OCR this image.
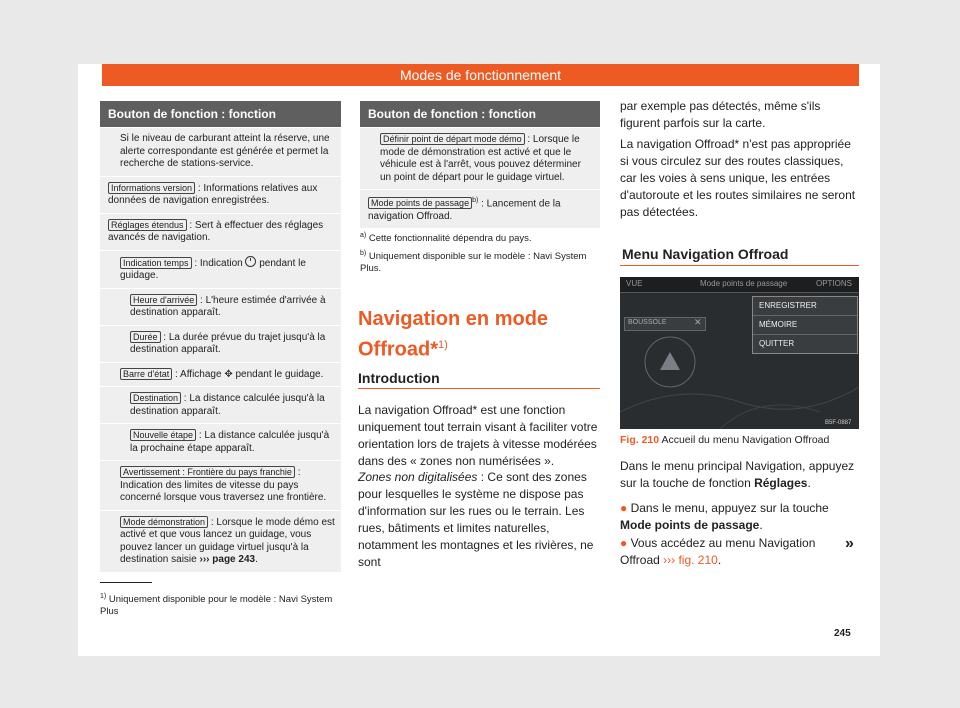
Modes de fonctionnement
Bouton de fonction : fonction
Si le niveau de carburant atteint la réserve, une alerte correspondante est générée et permet la recherche de stations-service.
Informations version : Informations relatives aux données de navigation enregistrées.
Réglages étendus : Sert à effectuer des réglages avancés de navigation.
Indication temps : Indication  pendant le guidage.
Heure d'arrivée : L'heure estimée d'arrivée à destination apparaît.
Durée : La durée prévue du trajet jusqu'à la destination apparaît.
Barre d'état : Affichage ✥ pendant le guidage.
Destination : La distance calculée jusqu'à la destination apparaît.
Nouvelle étape : La distance calculée jusqu'à la prochaine étape apparaît.
Avertissement : Frontière du pays franchie : Indication des limites de vitesse du pays concerné lorsque vous traversez une frontière.
Mode démonstration : Lorsque le mode démo est activé et que vous lancez un guidage, vous pouvez lancer un guidage virtuel jusqu'à la destination saisie ››› page 243.
Bouton de fonction : fonction
Définir point de départ mode démo : Lorsque le mode de démonstration est activé et que le véhicule est à l'arrêt, vous pouvez déterminer un point de départ pour le guidage virtuel.
Mode points de passage $^{b)}$ : Lancement de la navigation Offroad.
$^{a)}$ Cette fonctionnalité dépendra du pays.
$^{b)}$ Uniquement disponible sur le modèle : Navi System Plus.
Navigation en mode
Offroad*$^{1)}$
Introduction
La navigation Offroad* est une fonction uniquement tout terrain visant à faciliter votre orientation lors de trajets à vitesse modérées dans des « zones non numérisées ».
Zones non digitalisées : Ce sont des zones pour lesquelles le système ne dispose pas d'information sur les rues ou le terrain. Les rues, bâtiments et limites naturelles, notamment les montagnes et les rivières, ne sont
par exemple pas détectés, même s'ils figurent parfois sur la carte.
La navigation Offroad* n'est pas appropriée si vous circulez sur des routes classiques, car les voies à sens unique, les entrées d'autoroute et les routes similaires ne seront pas détectées.
Menu Navigation Offroad
VUE	Mode points de passage	OPTIONS
BOUSSOLE	✕
ENREGISTRER
MÉMOIRE
QUITTER
B5F-0887
Fig. 210 Accueil du menu Navigation Offroad
Dans le menu principal Navigation, appuyez sur la touche de fonction Réglages.
● Dans le menu, appuyez sur la touche Mode points de passage.
● Vous accédez au menu Navigation Offroad ››› fig. 210.
»
$^{1)}$ Uniquement disponible pour le modèle : Navi System Plus
245
